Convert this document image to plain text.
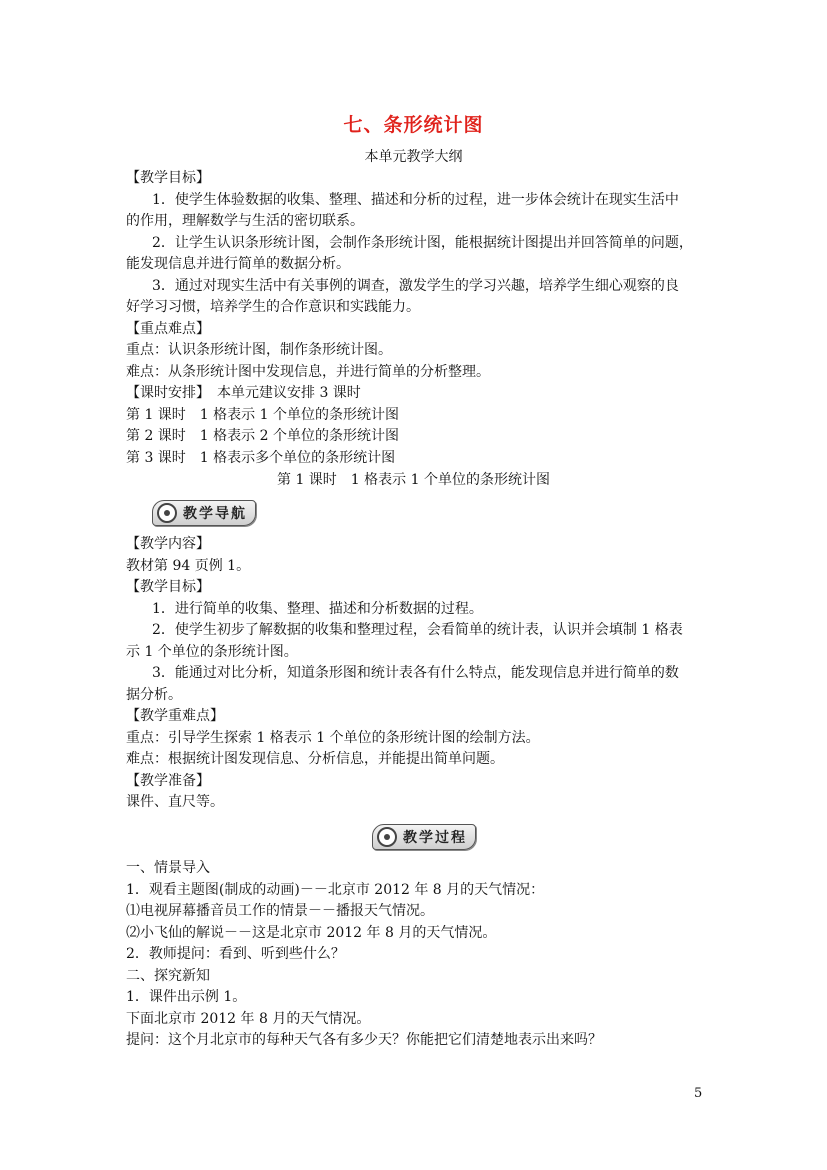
七、条形统计图
本单元教学大纲
【教学目标】
1．使学生体验数据的收集、整理、描述和分析的过程，进一步体会统计在现实生活中
的作用，理解数学与生活的密切联系。
2．让学生认识条形统计图，会制作条形统计图，能根据统计图提出并回答简单的问题，
能发现信息并进行简单的数据分析。
3．通过对现实生活中有关事例的调查，激发学生的学习兴趣，培养学生细心观察的良
好学习习惯，培养学生的合作意识和实践能力。
【重点难点】
重点：认识条形统计图，制作条形统计图。
难点：从条形统计图中发现信息，并进行简单的分析整理。
【课时安排】　本单元建议安排 3 课时
第 1 课时　1 格表示 1 个单位的条形统计图
第 2 课时　1 格表示 2 个单位的条形统计图
第 3 课时　1 格表示多个单位的条形统计图
第 1 课时　1 格表示 1 个单位的条形统计图
教学导航
【教学内容】
教材第 94 页例 1。
【教学目标】
1．进行简单的收集、整理、描述和分析数据的过程。
2．使学生初步了解数据的收集和整理过程，会看简单的统计表，认识并会填制 1 格表
示 1 个单位的条形统计图。
3．能通过对比分析，知道条形图和统计表各有什么特点，能发现信息并进行简单的数
据分析。
【教学重难点】
重点：引导学生探索 1 格表示 1 个单位的条形统计图的绘制方法。
难点：根据统计图发现信息、分析信息，并能提出简单问题。
【教学准备】
课件、直尺等。
教学过程
一、情景导入
1．观看主题图(制成的动画)－－北京市 2012 年 8 月的天气情况：
⑴电视屏幕播音员工作的情景－－播报天气情况。
⑵小飞仙的解说－－这是北京市 2012 年 8 月的天气情况。
2．教师提问：看到、听到些什么？
二、探究新知
1．课件出示例 1。
下面北京市 2012 年 8 月的天气情况。
提问：这个月北京市的每种天气各有多少天？你能把它们清楚地表示出来吗？
5
